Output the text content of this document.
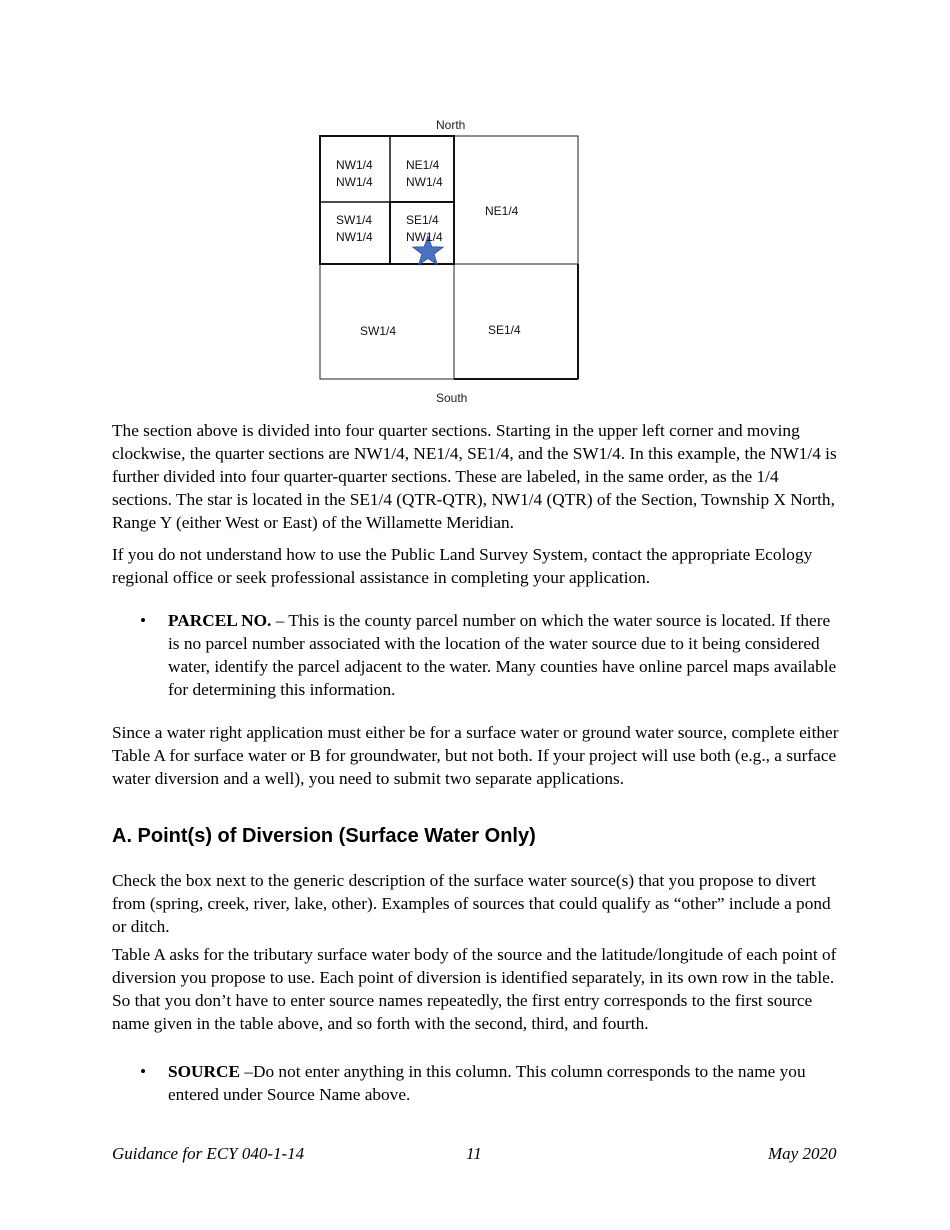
North
South
NW1/4
NW1/4
NE1/4
NW1/4
SW1/4
NW1/4
SE1/4
NW1/4
NE1/4
SW1/4	SE1/4

The section above is divided into four quarter sections. Starting in the upper left corner and moving clockwise, the quarter sections are NW1/4, NE1/4, SE1/4, and the SW1/4. In this example, the NW1/4 is further divided into four quarter-quarter sections. These are labeled, in the same order, as the 1/4 sections. The star is located in the SE1/4 (QTR-QTR), NW1/4 (QTR) of the Section, Township X North, Range Y (either West or East) of the Willamette Meridian.

If you do not understand how to use the Public Land Survey System, contact the appropriate Ecology regional office or seek professional assistance in completing your application.

• PARCEL NO. – This is the county parcel number on which the water source is located. If there is no parcel number associated with the location of the water source due to it being considered water, identify the parcel adjacent to the water. Many counties have online parcel maps available for determining this information.

Since a water right application must either be for a surface water or ground water source, complete either Table A for surface water or B for groundwater, but not both. If your project will use both (e.g., a surface water diversion and a well), you need to submit two separate applications.

A. Point(s) of Diversion (Surface Water Only)

Check the box next to the generic description of the surface water source(s) that you propose to divert from (spring, creek, river, lake, other). Examples of sources that could qualify as “other” include a pond or ditch.

Table A asks for the tributary surface water body of the source and the latitude/longitude of each point of diversion you propose to use. Each point of diversion is identified separately, in its own row in the table. So that you don’t have to enter source names repeatedly, the first entry corresponds to the first source name given in the table above, and so forth with the second, third, and fourth.

• SOURCE –Do not enter anything in this column. This column corresponds to the name you entered under Source Name above.

Guidance for ECY 040-1-14	11	May 2020
